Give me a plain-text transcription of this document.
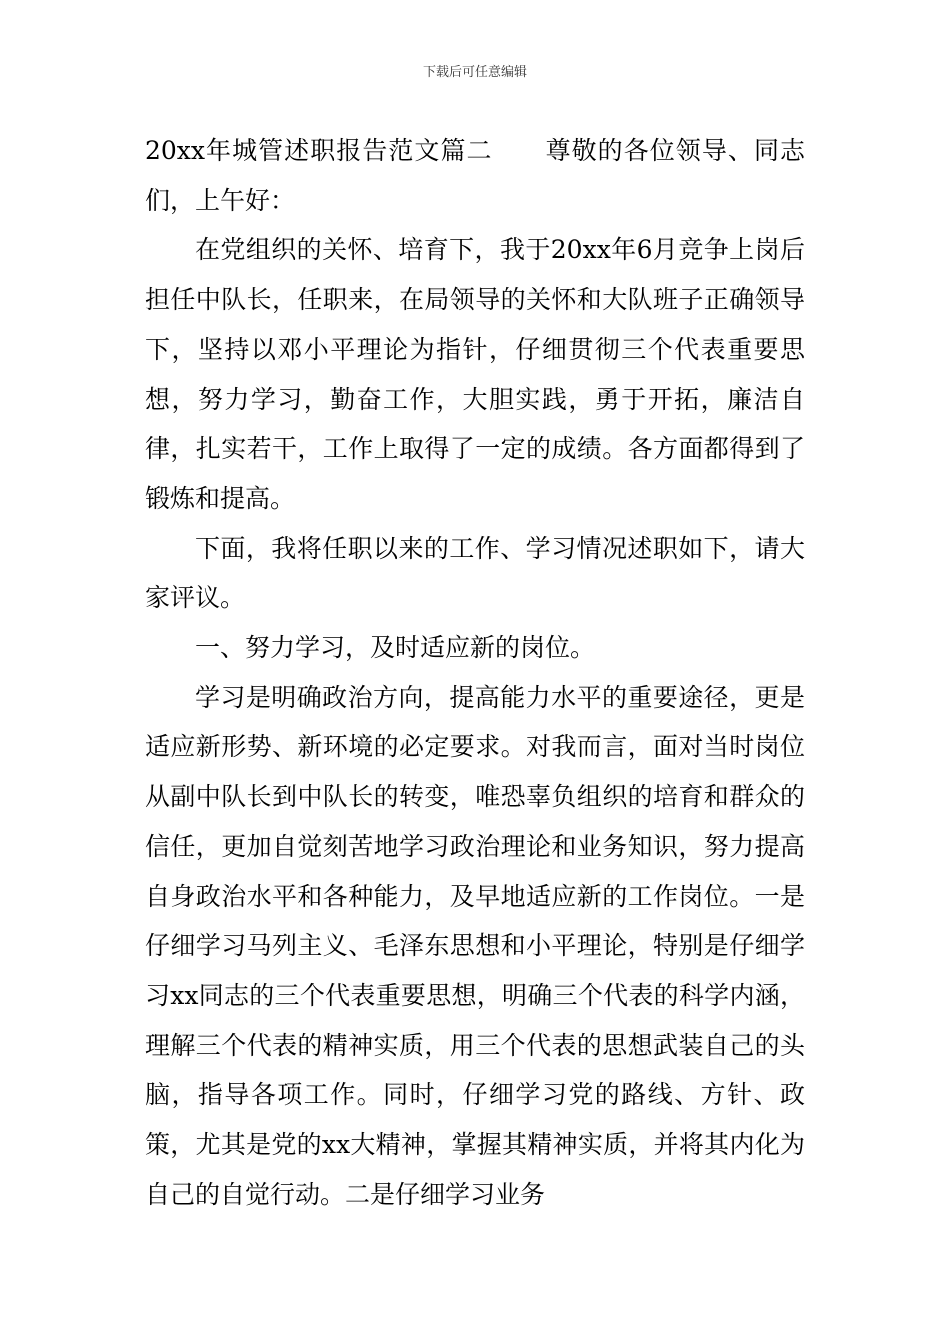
下载后可任意编辑

20xx年城管述职报告范文篇二 尊敬的各位领导、同志们，上午好：

在党组织的关怀、培育下，我于20xx年6月竞争上岗后担任中队长，任职来，在局领导的关怀和大队班子正确领导下，坚持以邓小平理论为指针，仔细贯彻三个代表重要思想，努力学习，勤奋工作，大胆实践，勇于开拓，廉洁自律，扎实若干，工作上取得了一定的成绩。各方面都得到了锻炼和提高。

下面，我将任职以来的工作、学习情况述职如下，请大家评议。

一、努力学习，及时适应新的岗位。

学习是明确政治方向，提高能力水平的重要途径，更是适应新形势、新环境的必定要求。对我而言，面对当时岗位从副中队长到中队长的转变，唯恐辜负组织的培育和群众的信任，更加自觉刻苦地学习政治理论和业务知识，努力提高自身政治水平和各种能力，及早地适应新的工作岗位。一是仔细学习马列主义、毛泽东思想和小平理论，特别是仔细学习xx同志的三个代表重要思想，明确三个代表的科学内涵，理解三个代表的精神实质，用三个代表的思想武装自己的头脑，指导各项工作。同时，仔细学习党的路线、方针、政策，尤其是党的xx大精神，掌握其精神实质，并将其内化为自己的自觉行动。二是仔细学习业务
